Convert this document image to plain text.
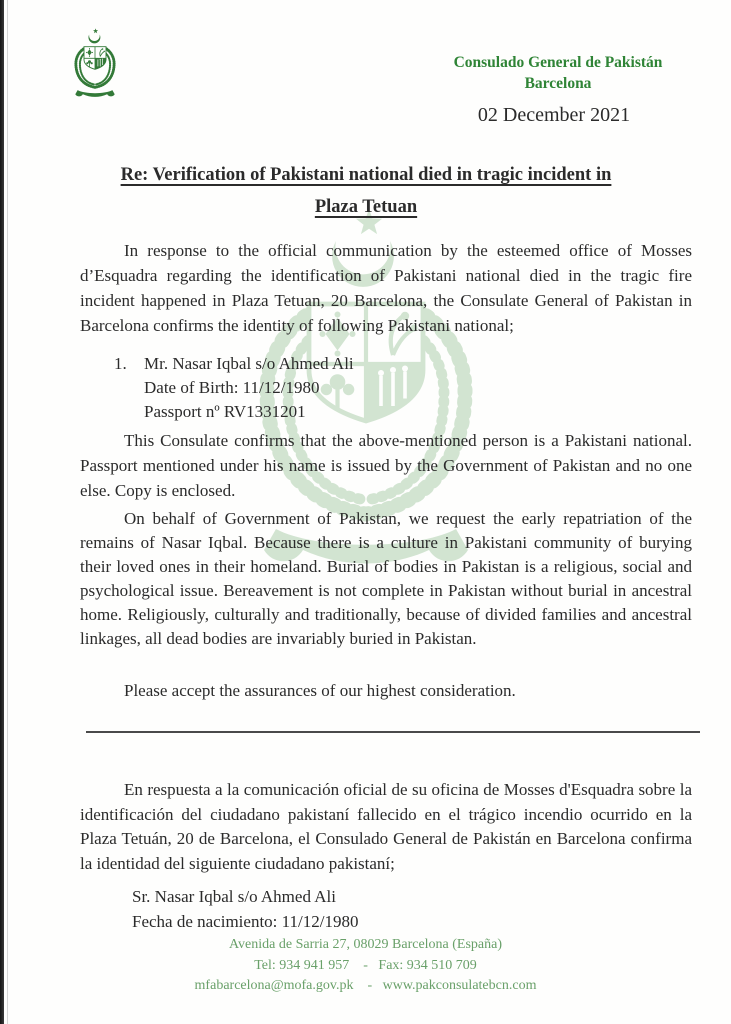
Consulado General de Pakistán
Barcelona
02 December 2021
Re: Verification of Pakistani national died in tragic incident in
Plaza Tetuan
In response to the official communication by the esteemed office of Mosses d’Esquadra regarding the identification of Pakistani national died in the tragic fire incident happened in Plaza Tetuan, 20 Barcelona, the Consulate General of Pakistan in Barcelona confirms the identity of following Pakistani national;
1.	Mr. Nasar Iqbal s/o Ahmed Ali
Date of Birth: 11/12/1980
Passport nº RV1331201
This Consulate confirms that the above-mentioned person is a Pakistani national. Passport mentioned under his name is issued by the Government of Pakistan and no one else. Copy is enclosed.
On behalf of Government of Pakistan, we request the early repatriation of the remains of Nasar Iqbal. Because there is a culture in Pakistani community of burying their loved ones in their homeland. Burial of bodies in Pakistan is a religious, social and psychological issue. Bereavement is not complete in Pakistan without burial in ancestral home. Religiously, culturally and traditionally, because of divided families and ancestral linkages, all dead bodies are invariably buried in Pakistan.
Please accept the assurances of our highest consideration.
En respuesta a la comunicación oficial de su oficina de Mosses d'Esquadra sobre la identificación del ciudadano pakistaní fallecido en el trágico incendio ocurrido en la Plaza Tetuán, 20 de Barcelona, el Consulado General de Pakistán en Barcelona confirma la identidad del siguiente ciudadano pakistaní;
Sr. Nasar Iqbal s/o Ahmed Ali
Fecha de nacimiento: 11/12/1980
Avenida de Sarria 27, 08029 Barcelona (España)
Tel: 934 941 957    -   Fax: 934 510 709
mfabarcelona@mofa.gov.pk    -   www.pakconsulatebcn.com
